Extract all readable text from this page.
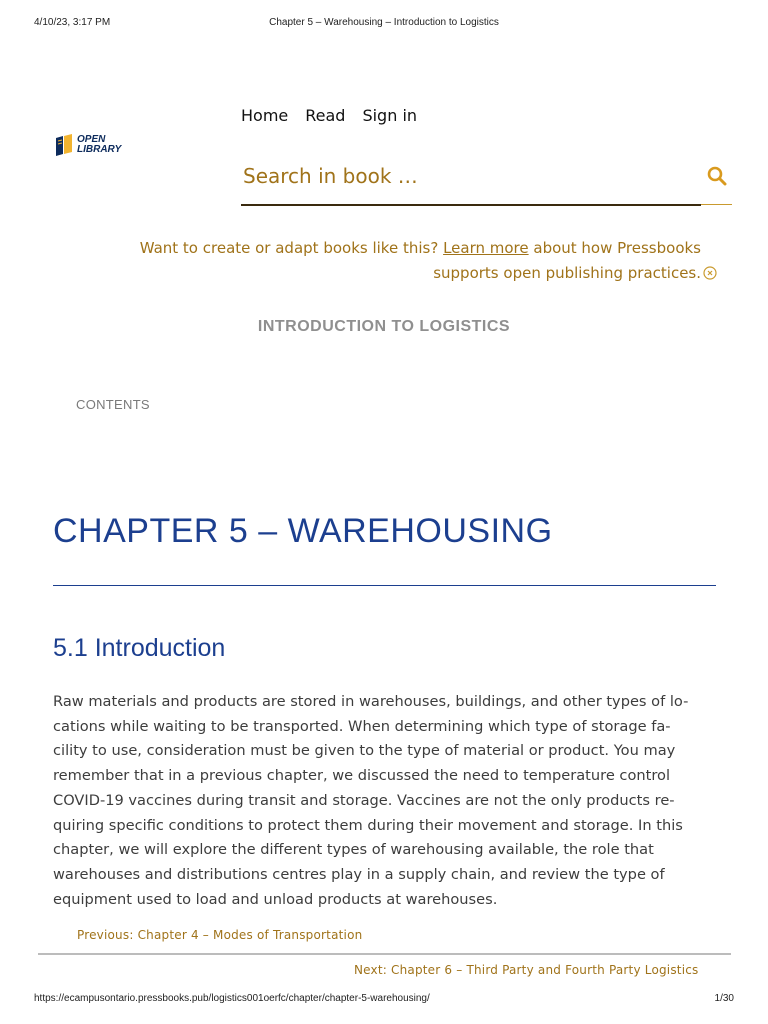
4/10/23, 3:17 PM	Chapter 5 – Warehousing – Introduction to Logistics
OPEN
LIBRARY
Home Read Sign in
Search in book …
Want to create or adapt books like this? Learn more about how Pressbooks
supports open publishing practices.
INTRODUCTION TO LOGISTICS
CONTENTS
CHAPTER 5 – WAREHOUSING
5.1 Introduction
Raw materials and products are stored in warehouses, buildings, and other types of lo-
cations while waiting to be transported. When determining which type of storage fa-
cility to use, consideration must be given to the type of material or product. You may
remember that in a previous chapter, we discussed the need to temperature control
COVID-19 vaccines during transit and storage. Vaccines are not the only products re-
quiring specific conditions to protect them during their movement and storage. In this
chapter, we will explore the different types of warehousing available, the role that
warehouses and distributions centres play in a supply chain, and review the type of
equipment used to load and unload products at warehouses.
Previous: Chapter 4 – Modes of Transportation
Next: Chapter 6 – Third Party and Fourth Party Logistics
https://ecampusontario.pressbooks.pub/logistics001oerfc/chapter/chapter-5-warehousing/	1/30
